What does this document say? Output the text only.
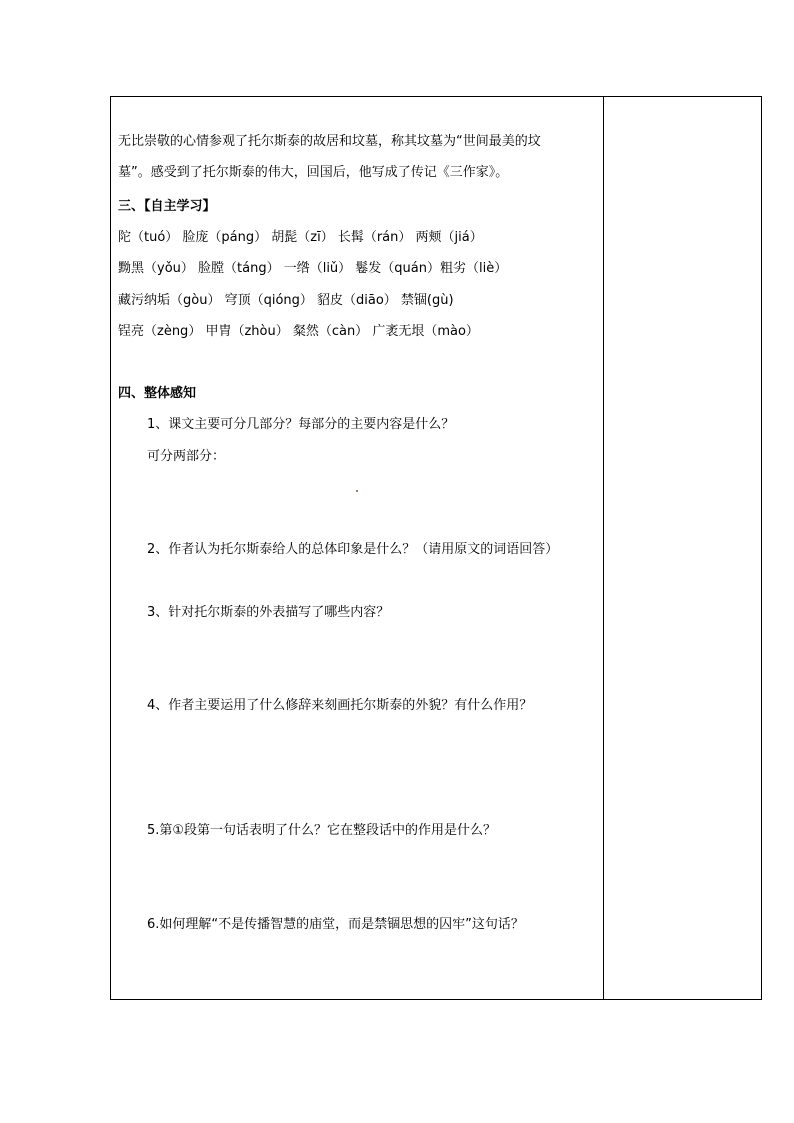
无比崇敬的心情参观了托尔斯泰的故居和坟墓，称其坟墓为“世间最美的坟
墓”。感受到了托尔斯泰的伟大，回国后，他写成了传记《三作家》。
三、【自主学习】
陀（tuó） 脸庞（páng） 胡髭（zī） 长髯（rán） 两颊（jiá）
黝黑（yǒu） 脸膛（táng） 一绺（liǔ） 鬈发（quán）粗劣（liè）
藏污纳垢（gòu） 穹顶（qióng） 貂皮（diāo） 禁锢(gù)
锃亮（zèng） 甲胄（zhòu） 粲然（càn） 广袤无垠（mào）
四、整体感知
1、课文主要可分几部分？每部分的主要内容是什么？
可分两部分：
2、作者认为托尔斯泰给人的总体印象是什么？（请用原文的词语回答）
3、针对托尔斯泰的外表描写了哪些内容？
4、作者主要运用了什么修辞来刻画托尔斯泰的外貌？有什么作用？
5.第①段第一句话表明了什么？它在整段话中的作用是什么？
6.如何理解“不是传播智慧的庙堂，而是禁锢思想的囚牢”这句话？
